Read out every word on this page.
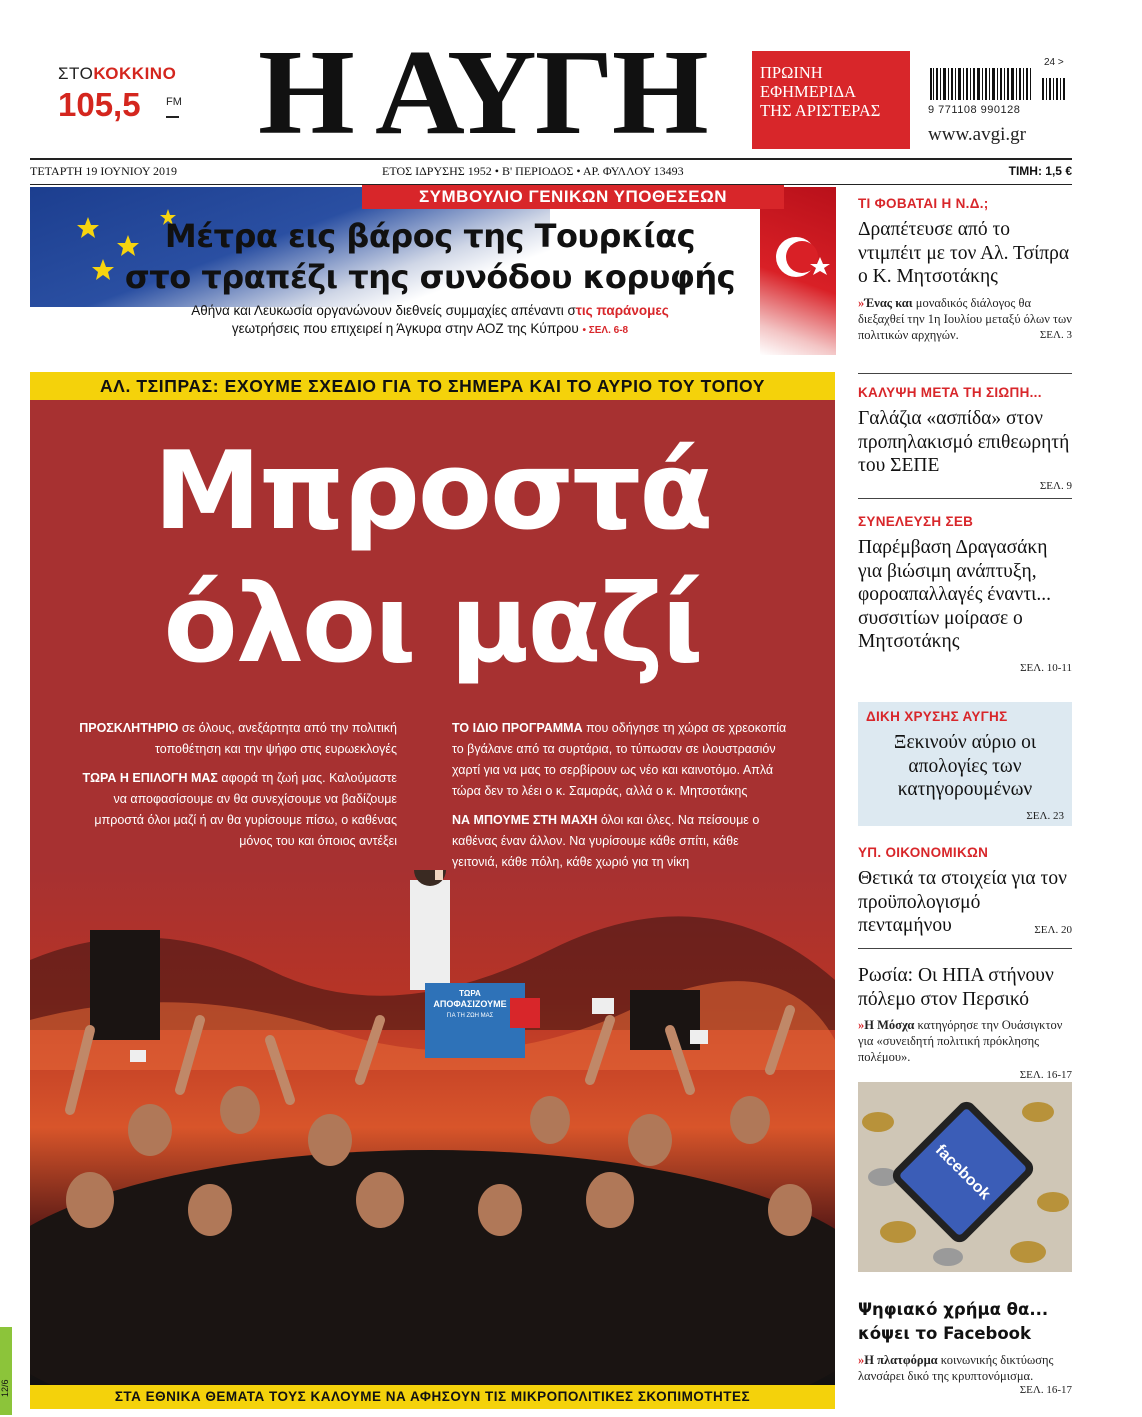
ΣΤΟΚΟΚΚΙΝΟ
105,5	FM Η ΑΥΓΗ	ΠΡΩΙΝΗ
ΕΦΗΜΕΡΙΔΑ
ΤΗΣ ΑΡΙΣΤΕΡΑΣ
24 >
9 771108 990128
www.avgi.gr
ΤΕΤΑΡΤΗ 19 ΙΟΥΝΙΟΥ 2019	ΕΤΟΣ ΙΔΡΥΣΗΣ 1952 • Β' ΠΕΡΙΟΔΟΣ • ΑΡ. ΦΥΛΛΟΥ 13493	ΤΙΜΗ: 1,5 €
ΣΥΜΒΟΥΛΙΟ ΓΕΝΙΚΩΝ ΥΠΟΘΕΣΕΩΝ
Μέτρα εις βάρος της Τουρκίας
στο τραπέζι της συνόδου κορυφής
Αθήνα και Λευκωσία οργανώνουν διεθνείς συμμαχίες απέναντι στις παράνομες
γεωτρήσεις που επιχειρεί η Άγκυρα στην ΑΟΖ της Κύπρου • ΣΕΛ. 6-8
ΑΛ. ΤΣΙΠΡΑΣ: ΕΧΟΥΜΕ ΣΧΕΔΙΟ ΓΙΑ ΤΟ ΣΗΜΕΡΑ ΚΑΙ ΤΟ ΑΥΡΙΟ ΤΟΥ ΤΟΠΟΥ
ΤΩΡΑ
ΑΠΟΦΑΣΙΖΟΥΜΕ
ΓΙΑ ΤΗ ΖΩΗ ΜΑΣ
Μπροστά
όλοι μαζί

ΠΡΟΣΚΛΗΤΗΡΙΟ σε όλους, ανεξάρτητα από την πολιτική τοποθέτηση και την ψήφο στις ευρωεκλογές

ΤΩΡΑ Η ΕΠΙΛΟΓΗ ΜΑΣ αφορά τη ζωή μας. Καλούμαστε να αποφασίσουμε αν θα συνεχίσουμε να βαδίζουμε μπροστά όλοι μαζί ή αν θα γυρίσουμε πίσω, ο καθένας μόνος του και όποιος αντέξει

ΤΟ ΙΔΙΟ ΠΡΟΓΡΑΜΜΑ που οδήγησε τη χώρα σε χρεοκοπία το βγάλανε από τα συρτάρια, το τύπωσαν σε ιλουστρασιόν χαρτί για να μας το σερβίρουν ως νέο και καινοτόμο. Απλά τώρα δεν το λέει ο κ. Σαμαράς, αλλά ο κ. Μητσοτάκης

ΝΑ ΜΠΟΥΜΕ ΣΤΗ ΜΑΧΗ όλοι και όλες. Να πείσουμε ο καθένας έναν άλλον. Να γυρίσουμε κάθε σπίτι, κάθε γειτονιά, κάθε πόλη, κάθε χωριό για τη νίκη

ΣΤΑ ΕΘΝΙΚΑ ΘΕΜΑΤΑ ΤΟΥΣ ΚΑΛΟΥΜΕ ΝΑ ΑΦΗΣΟΥΝ ΤΙΣ ΜΙΚΡΟΠΟΛΙΤΙΚΕΣ ΣΚΟΠΙΜΟΤΗΤΕΣ
12/6
ΤΙ ΦΟΒΑΤΑΙ Η Ν.Δ.;
Δραπέτευσε από το ντιμπέιτ με τον Αλ. Τσίπρα ο Κ. Μητσοτάκης
»Ένας και μοναδικός διάλογος θα διεξαχθεί την 1η Ιουλίου μεταξύ όλων των πολιτικών αρχηγών.	ΣΕΛ. 3
ΚΑΛΥΨΗ ΜΕΤΑ ΤΗ ΣΙΩΠΗ...
Γαλάζια «ασπίδα» στον προπηλακισμό επιθεωρητή του ΣΕΠΕ
ΣΕΛ. 9
ΣΥΝΕΛΕΥΣΗ ΣΕΒ
Παρέμβαση Δραγασάκη για βιώσιμη ανάπτυξη, φοροαπαλλαγές έναντι... συσσιτίων μοίρασε ο Μητσοτάκης
ΣΕΛ. 10-11
ΔΙΚΗ ΧΡΥΣΗΣ ΑΥΓΗΣ
Ξεκινούν αύριο οι απολογίες των κατηγορουμένων
ΣΕΛ. 23
ΥΠ. ΟΙΚΟΝΟΜΙΚΩΝ
Θετικά τα στοιχεία για τον προϋπολογισμό πενταμήνου	ΣΕΛ. 20
Ρωσία: Οι ΗΠΑ στήνουν πόλεμο στον Περσικό
»Η Μόσχα κατηγόρησε την Ουάσιγκτον για «συνειδητή πολιτική πρόκλησης πολέμου».
ΣΕΛ. 16-17
facebook
Ψηφιακό χρήμα θα... κόψει το Facebook
»Η πλατφόρμα κοινωνικής δικτύωσης λανσάρει δικό της κρυπτονόμισμα.
ΣΕΛ. 16-17
